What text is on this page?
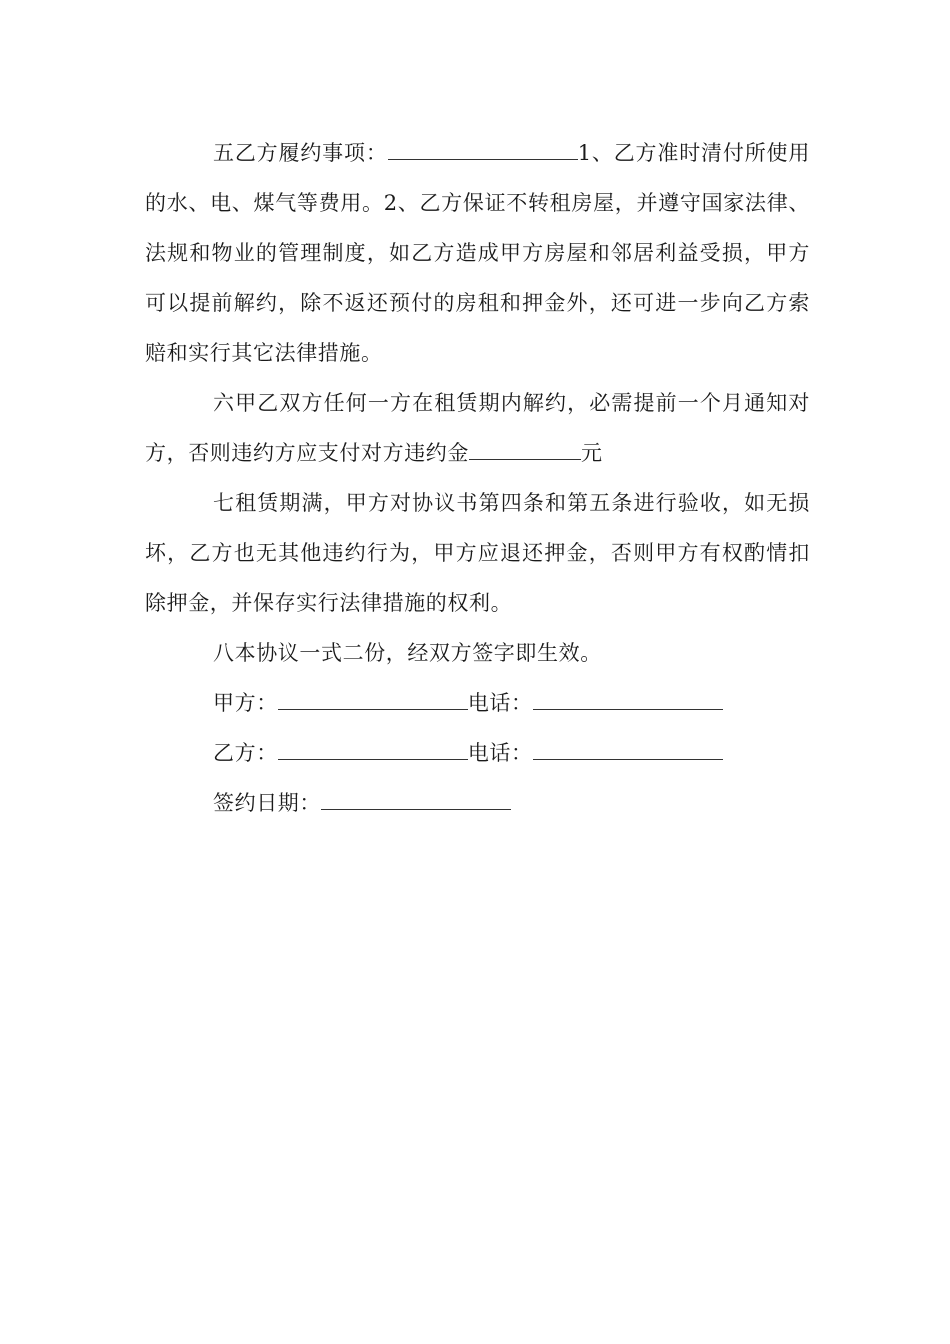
五乙方履约事项：	1、乙方准时清付所使用的水、电、煤气等费用。2、乙方保证不转租房屋，并遵守国家法律、法规和物业的管理制度，如乙方造成甲方房屋和邻居利益受损，甲方可以提前解约，除不返还预付的房租和押金外，还可进一步向乙方索赔和实行其它法律措施。

六甲乙双方任何一方在租赁期内解约，必需提前一个月通知对方，否则违约方应支付对方违约金	元

七租赁期满，甲方对协议书第四条和第五条进行验收，如无损坏，乙方也无其他违约行为，甲方应退还押金，否则甲方有权酌情扣除押金，并保存实行法律措施的权利。

八本协议一式二份，经双方签字即生效。

甲方：	电话：

乙方：	电话：

签约日期：
